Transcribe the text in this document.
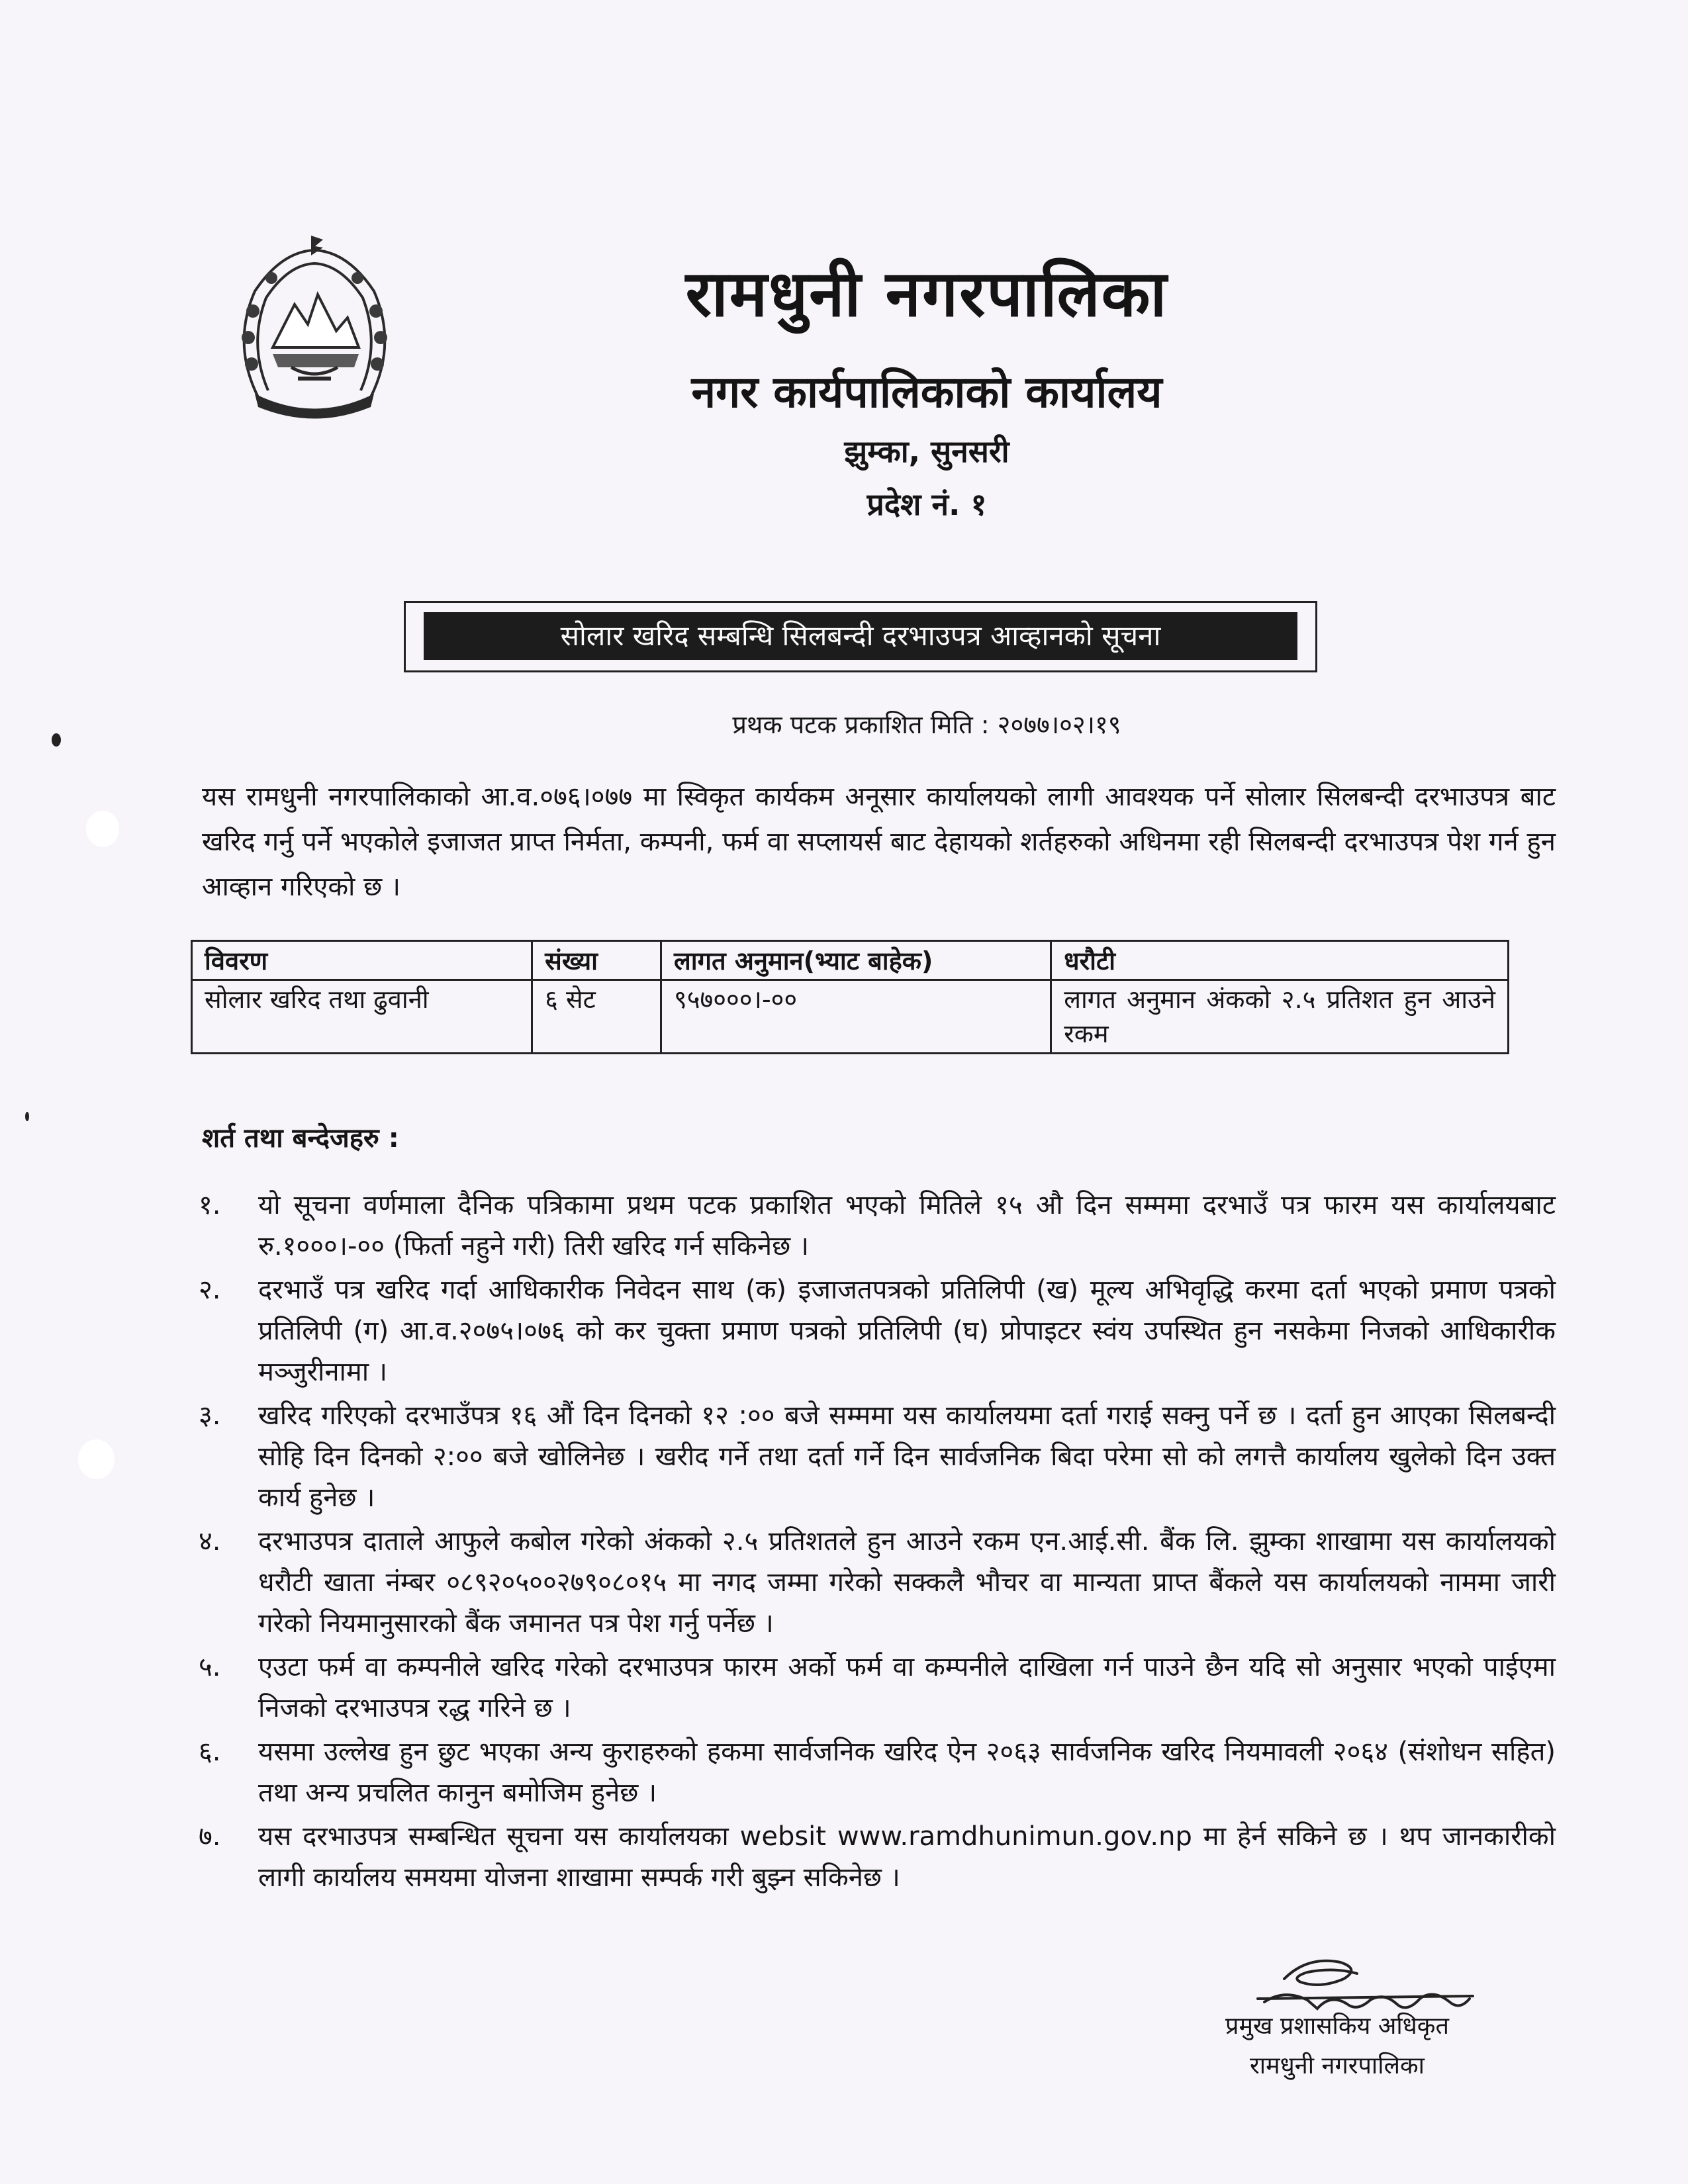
रामधुनी नगरपालिका
नगर कार्यपालिकाको कार्यालय
झुम्का, सुनसरी
प्रदेश नं. १
सोलार खरिद सम्बन्धि सिलबन्दी दरभाउपत्र आव्हानको सूचना
प्रथक पटक प्रकाशित मिति : २०७७।०२।१९
यस रामधुनी नगरपालिकाको आ.व.०७६।०७७ मा स्विकृत कार्यकम अनूसार कार्यालयको लागी आवश्यक पर्ने सोलार सिलबन्दी दरभाउपत्र बाट खरिद गर्नु पर्ने भएकोले इजाजत प्राप्त निर्मता, कम्पनी, फर्म वा सप्लायर्स बाट देहायको शर्तहरुको अधिनमा रही सिलबन्दी दरभाउपत्र पेश गर्न हुन आव्हान गरिएको छ ।
विवरण	संख्या	लागत अनुमान(भ्याट बाहेक)	धरौटी
सोलार खरिद तथा ढुवानी	६ सेट	९५७०००।-००	लागत अनुमान अंकको २.५ प्रतिशत हुन आउने रकम
शर्त तथा बन्देजहरु :
१.	यो सूचना वर्णमाला दैनिक पत्रिकामा प्रथम पटक प्रकाशित भएको मितिले १५ औ दिन सम्ममा दरभाउँ पत्र फारम यस कार्यालयबाट रु.१०००।-०० (फिर्ता नहुने गरी) तिरी खरिद गर्न सकिनेछ ।
२.	दरभाउँ पत्र खरिद गर्दा आधिकारीक निवेदन साथ (क) इजाजतपत्रको प्रतिलिपी (ख) मूल्य अभिवृद्धि करमा दर्ता भएको प्रमाण पत्रको प्रतिलिपी (ग) आ.व.२०७५।०७६ को कर चुक्ता प्रमाण पत्रको प्रतिलिपी (घ) प्रोपाइटर स्वंय उपस्थित हुन नसकेमा निजको आधिकारीक मञ्जुरीनामा ।
३.	खरिद गरिएको दरभाउँपत्र १६ औं दिन दिनको १२ :०० बजे सम्ममा यस कार्यालयमा दर्ता गराई सक्नु पर्ने छ । दर्ता हुन आएका सिलबन्दी सोहि दिन दिनको २:०० बजे खोलिनेछ । खरीद गर्ने तथा दर्ता गर्ने दिन सार्वजनिक बिदा परेमा सो को लगत्तै कार्यालय खुलेको दिन उक्त कार्य हुनेछ ।
४.	दरभाउपत्र दाताले आफुले कबोल गरेको अंकको २.५ प्रतिशतले हुन आउने रकम एन.आई.सी. बैंक लि. झुम्का शाखामा यस कार्यालयको धरौटी खाता नंम्बर ०८९२०५००२७९०८०१५ मा नगद जम्मा गरेको सक्कलै भौचर वा मान्यता प्राप्त बैंकले यस कार्यालयको नाममा जारी गरेको नियमानुसारको बैंक जमानत पत्र पेश गर्नु पर्नेछ ।
५.	एउटा फर्म वा कम्पनीले खरिद गरेको दरभाउपत्र फारम अर्को फर्म वा कम्पनीले दाखिला गर्न पाउने छैन यदि सो अनुसार भएको पाईएमा निजको दरभाउपत्र रद्ध गरिने छ ।
६.	यसमा उल्लेख हुन छुट भएका अन्य कुराहरुको हकमा सार्वजनिक खरिद ऐन २०६३ सार्वजनिक खरिद नियमावली २०६४ (संशोधन सहित) तथा अन्य प्रचलित कानुन बमोजिम हुनेछ ।
७.	यस दरभाउपत्र सम्बन्धित सूचना यस कार्यालयका websit www.ramdhunimun.gov.np मा हेर्न सकिने छ । थप जानकारीको लागी कार्यालय समयमा योजना शाखामा सम्पर्क गरी बुझ्न सकिनेछ ।
प्रमुख प्रशासकिय अधिकृत
रामधुनी नगरपालिका
